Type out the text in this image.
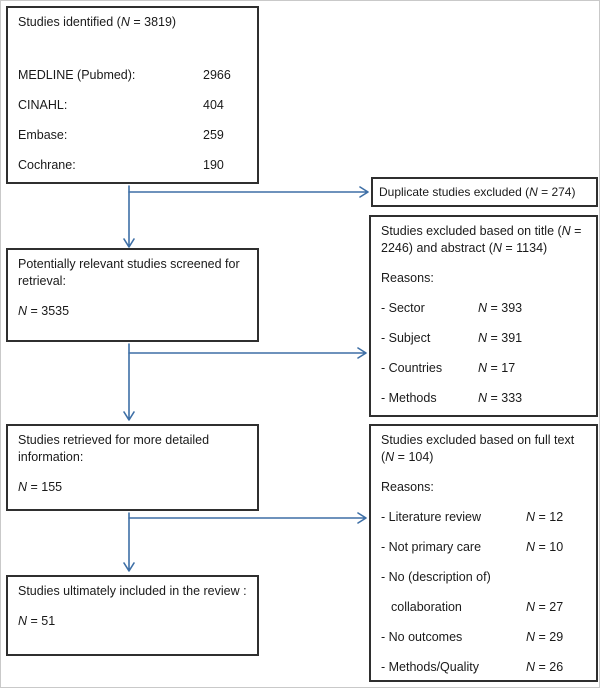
Studies identified (N = 3819)
MEDLINE (Pubmed):	2966
CINAHL:	404
Embase:	259
Cochrane:	190
Duplicate studies excluded (N = 274)
Potentially relevant studies screened for retrieval:
N = 3535
Studies excluded based on title (N = 2246) and abstract (N = 1134)
Reasons:
- Sector	N = 393
- Subject	N = 391
- Countries	N = 17
- Methods	N = 333
Studies retrieved for more detailed information:
N = 155
Studies excluded based on full text (N = 104)
Reasons:
- Literature review	N = 12
- Not primary care	N = 10
- No (description of)
collaboration	N = 27
- No outcomes	N = 29
- Methods/Quality	N = 26
Studies ultimately included in the review :
N = 51
